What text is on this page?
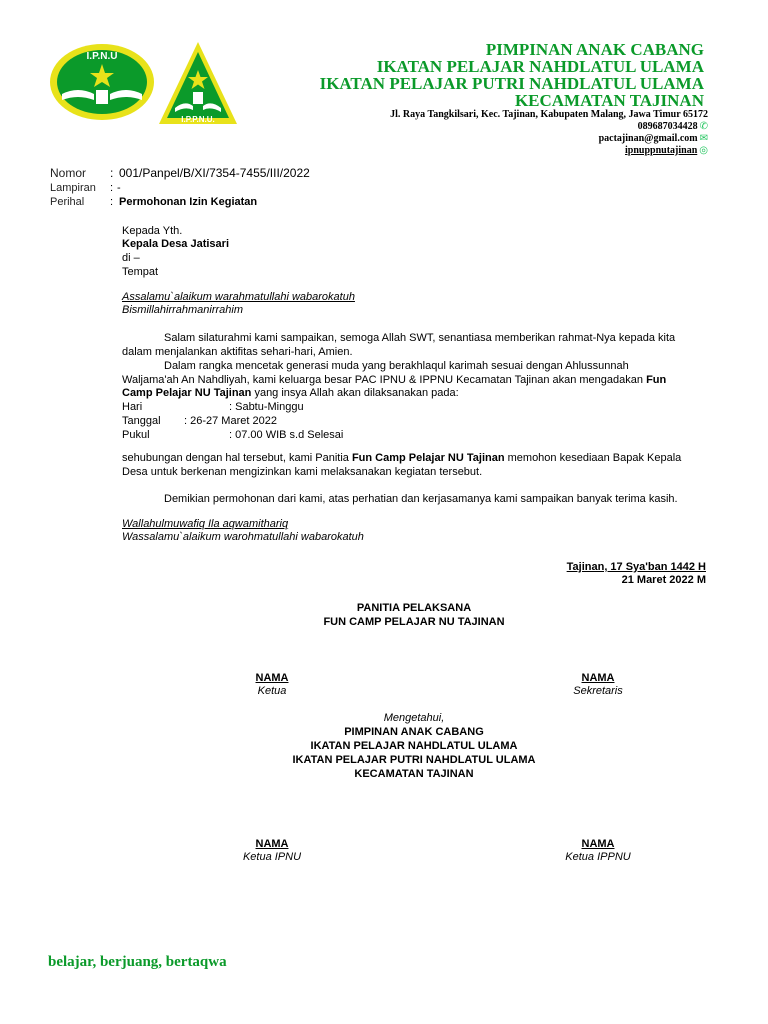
I.P.N.U
I.P.P.N.U.
PIMPINAN ANAK CABANG
IKATAN PELAJAR NAHDLATUL ULAMA
IKATAN PELAJAR PUTRI NAHDLATUL ULAMA
KECAMATAN TAJINAN
Jl. Raya Tangkilsari, Kec. Tajinan, Kabupaten Malang, Jawa Timur 65172
089687034428 ✆
pactajinan@gmail.com ✉
ipnuppnutajinan ◎
Nomor : 001/Panpel/B/XI/7354-7455/III/2022
Lampiran : -
Perihal : Permohonan Izin Kegiatan
Kepada Yth.
Kepala Desa Jatisari
di –
Tempat
Assalamu`alaikum warahmatullahi wabarokatuh
Bismillahirrahmanirrahim
Salam silaturahmi kami sampaikan, semoga Allah SWT, senantiasa memberikan rahmat-Nya kepada kita
dalam menjalankan aktifitas sehari-hari, Amien.
Dalam rangka mencetak generasi muda yang berakhlaqul karimah sesuai dengan Ahlussunnah
Waljama'ah An Nahdliyah, kami keluarga besar PAC IPNU & IPPNU Kecamatan Tajinan akan mengadakan Fun
Camp Pelajar NU Tajinan yang insya Allah akan dilaksanakan pada:
Hari	: Sabtu-Minggu
Tanggal : 26-27 Maret 2022
Pukul	: 07.00 WIB s.d Selesai
sehubungan dengan hal tersebut, kami Panitia Fun Camp Pelajar NU Tajinan memohon kesediaan Bapak Kepala
Desa untuk berkenan mengizinkan kami melaksanakan kegiatan tersebut.
Demikian permohonan dari kami, atas perhatian dan kerjasamanya kami sampaikan banyak terima kasih.
Wallahulmuwafiq Ila aqwamithariq
Wassalamu`alaikum warohmatullahi wabarokatuh
Tajinan, 17 Sya'ban 1442 H
21 Maret 2022 M
PANITIA PELAKSANA
FUN CAMP PELAJAR NU TAJINAN
NAMA
Ketua
NAMA
Sekretaris
Mengetahui,
PIMPINAN ANAK CABANG
IKATAN PELAJAR NAHDLATUL ULAMA
IKATAN PELAJAR PUTRI NAHDLATUL ULAMA
KECAMATAN TAJINAN
NAMA
Ketua IPNU
NAMA
Ketua IPPNU
belajar, berjuang, bertaqwa
